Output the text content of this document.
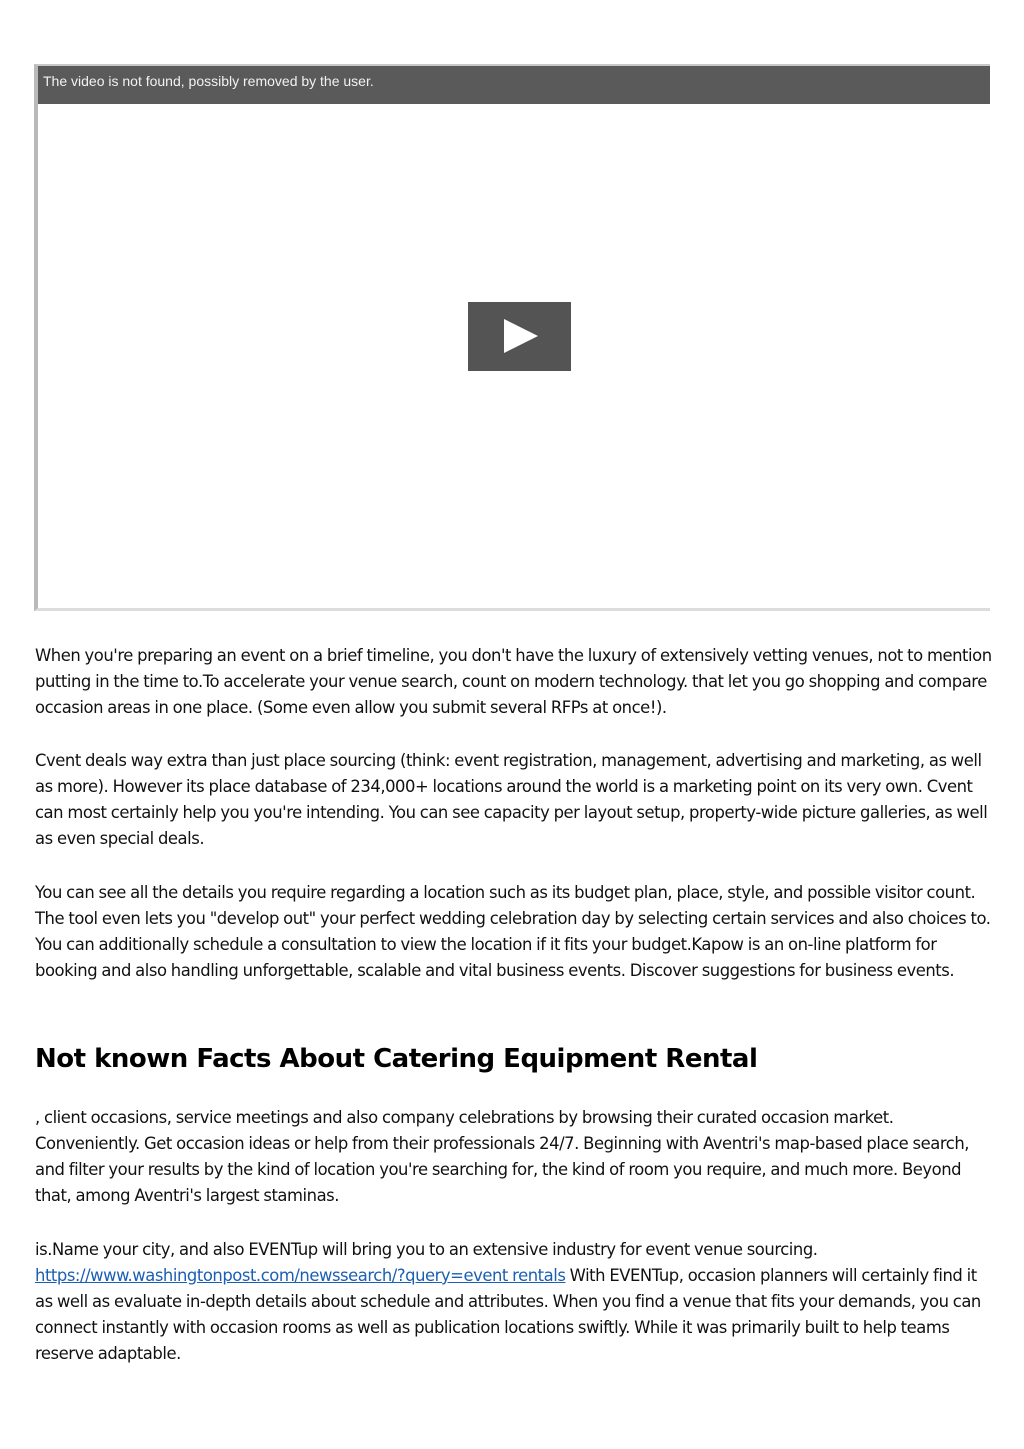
The video is not found, possibly removed by the user.

When you're preparing an event on a brief timeline, you don't have the luxury of extensively vetting venues, not to mention putting in the time to.To accelerate your venue search, count on modern technology. that let you go shopping and compare occasion areas in one place. (Some even allow you submit several RFPs at once!).

Cvent deals way extra than just place sourcing (think: event registration, management, advertising and marketing, as well as more). However its place database of 234,000+ locations around the world is a marketing point on its very own. Cvent can most certainly help you you're intending. You can see capacity per layout setup, property-wide picture galleries, as well as even special deals.

You can see all the details you require regarding a location such as its budget plan, place, style, and possible visitor count. The tool even lets you "develop out" your perfect wedding celebration day by selecting certain services and also choices to. You can additionally schedule a consultation to view the location if it fits your budget.Kapow is an on-line platform for booking and also handling unforgettable, scalable and vital business events. Discover suggestions for business events.

Not known Facts About Catering Equipment Rental

, client occasions, service meetings and also company celebrations by browsing their curated occasion market. Conveniently. Get occasion ideas or help from their professionals 24/7. Beginning with Aventri's map-based place search, and filter your results by the kind of location you're searching for, the kind of room you require, and much more. Beyond that, among Aventri's largest staminas.

is.Name your city, and also EVENTup will bring you to an extensive industry for event venue sourcing. https://www.washingtonpost.com/newssearch/?query=event rentals With EVENTup, occasion planners will certainly find it as well as evaluate in-depth details about schedule and attributes. When you find a venue that fits your demands, you can connect instantly with occasion rooms as well as publication locations swiftly. While it was primarily built to help teams reserve adaptable.
